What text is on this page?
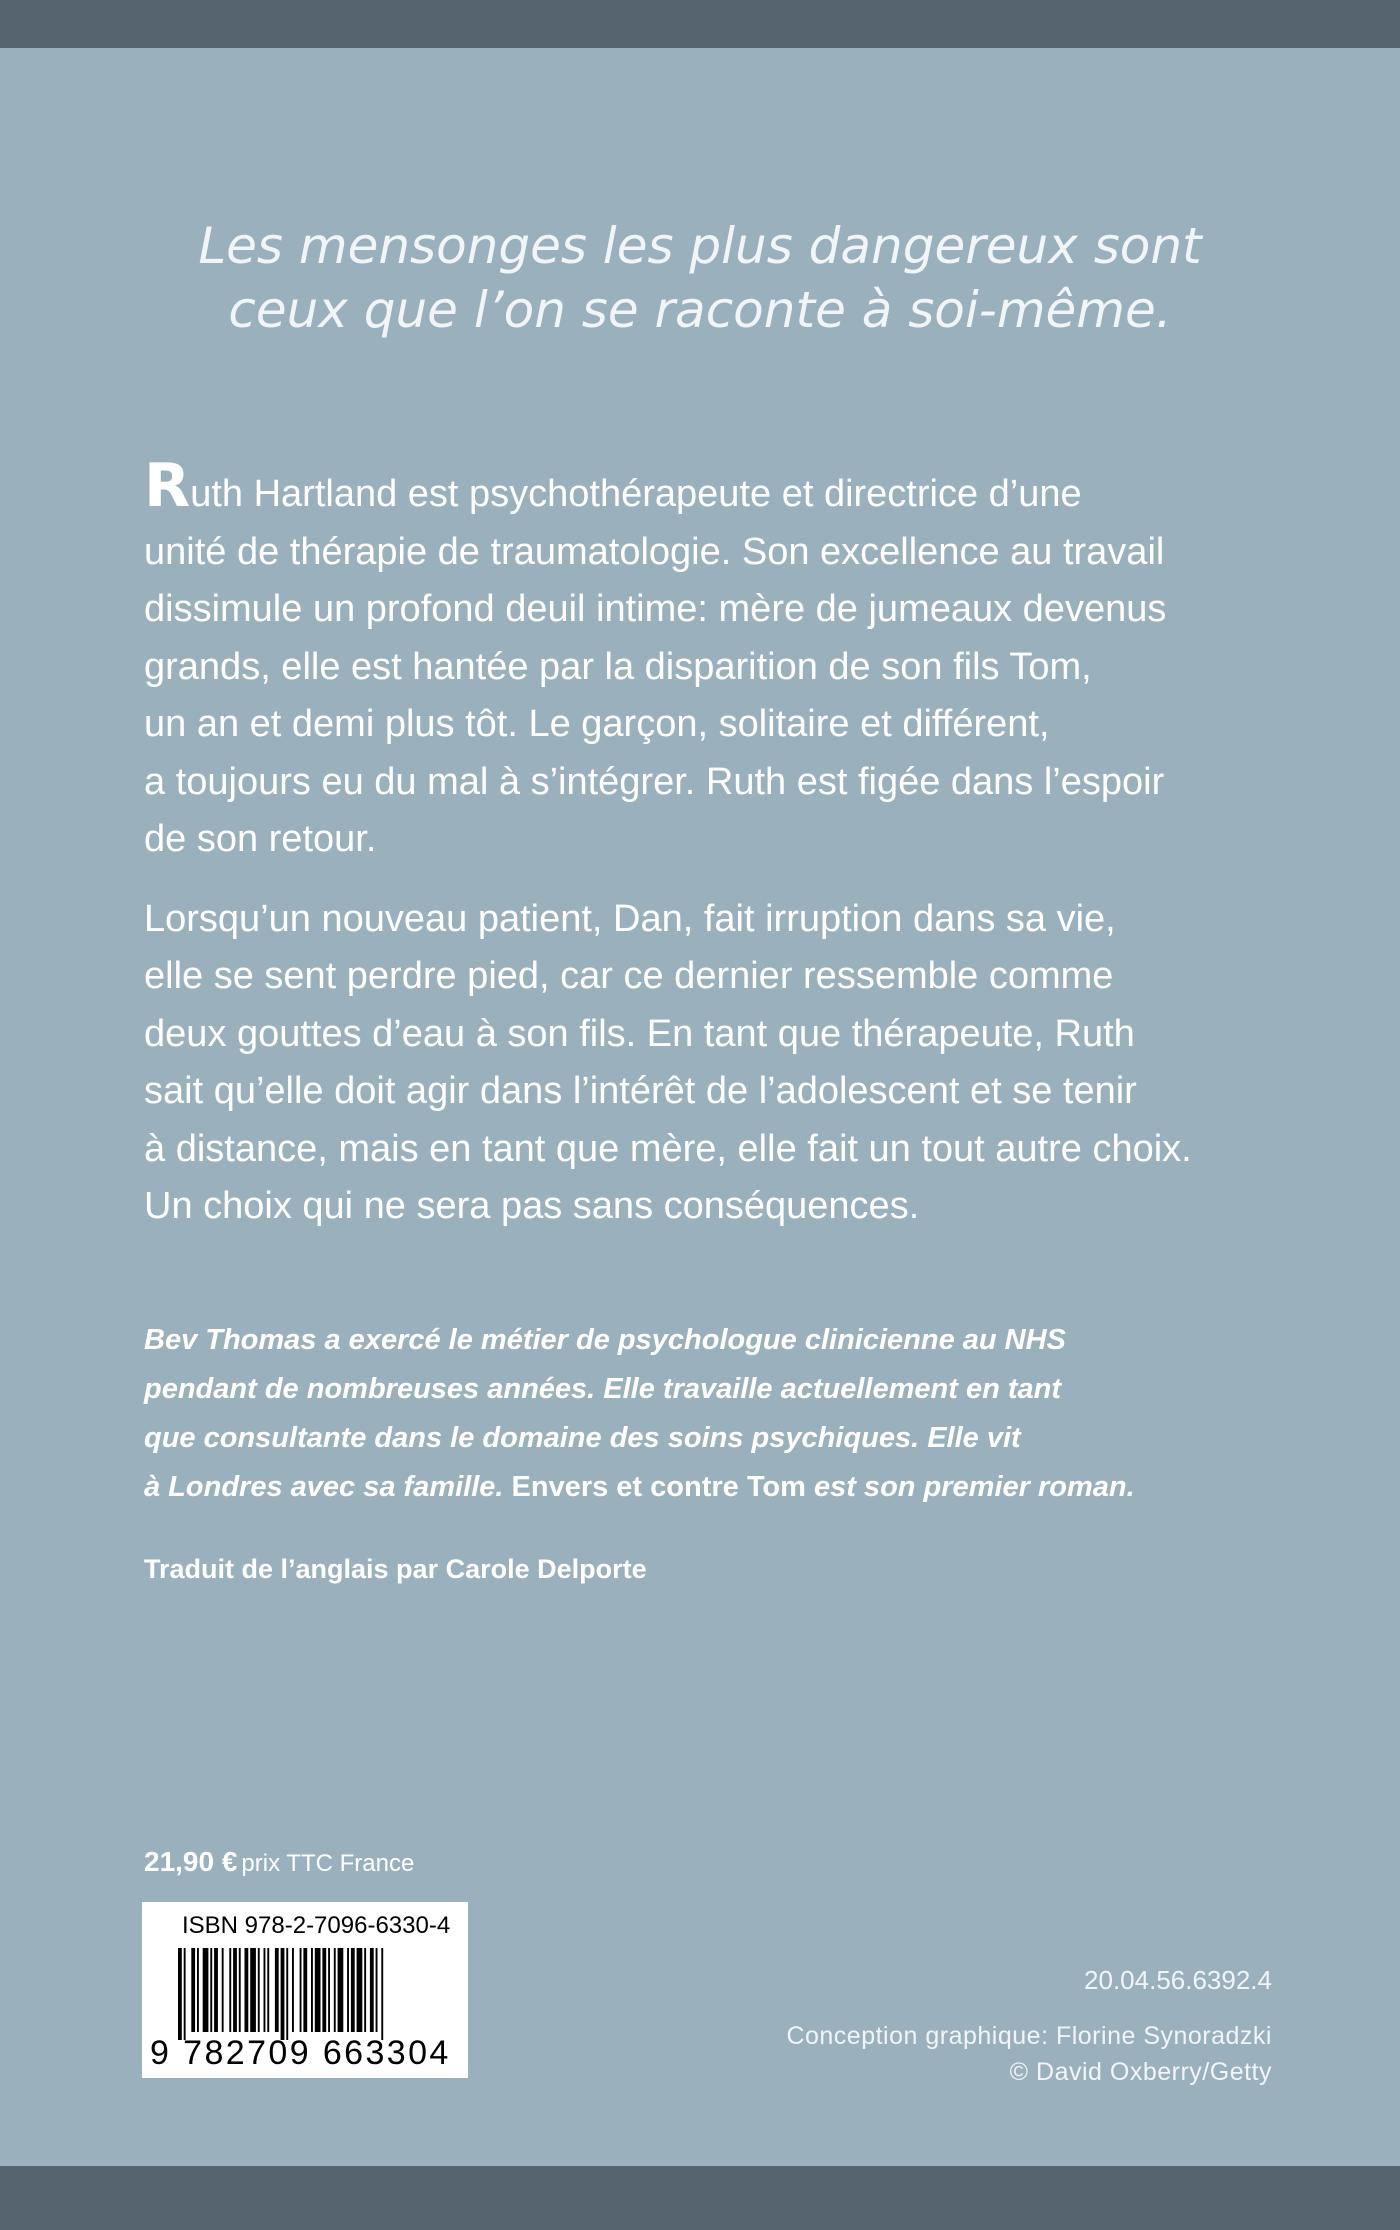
Les mensonges les plus dangereux sont
ceux que l’on se raconte à soi-même.

Ruth Hartland est psychothérapeute et directrice d’une
unité de thérapie de traumatologie. Son excellence au travail
dissimule un profond deuil intime: mère de jumeaux devenus
grands, elle est hantée par la disparition de son fils Tom,
un an et demi plus tôt. Le garçon, solitaire et différent,
a toujours eu du mal à s’intégrer. Ruth est figée dans l’espoir
de son retour.

Lorsqu’un nouveau patient, Dan, fait irruption dans sa vie,
elle se sent perdre pied, car ce dernier ressemble comme
deux gouttes d’eau à son fils. En tant que thérapeute, Ruth
sait qu’elle doit agir dans l’intérêt de l’adolescent et se tenir
à distance, mais en tant que mère, elle fait un tout autre choix.
Un choix qui ne sera pas sans conséquences.

Bev Thomas a exercé le métier de psychologue clinicienne au NHS
pendant de nombreuses années. Elle travaille actuellement en tant
que consultante dans le domaine des soins psychiques. Elle vit
à Londres avec sa famille. Envers et contre Tom est son premier roman.
Traduit de l’anglais par Carole Delporte
21,90 € prix TTC France
ISBN 978-2-7096-6330-4
9 782709 663304
20.04.56.6392.4
Conception graphique: Florine Synoradzki
© David Oxberry/Getty
